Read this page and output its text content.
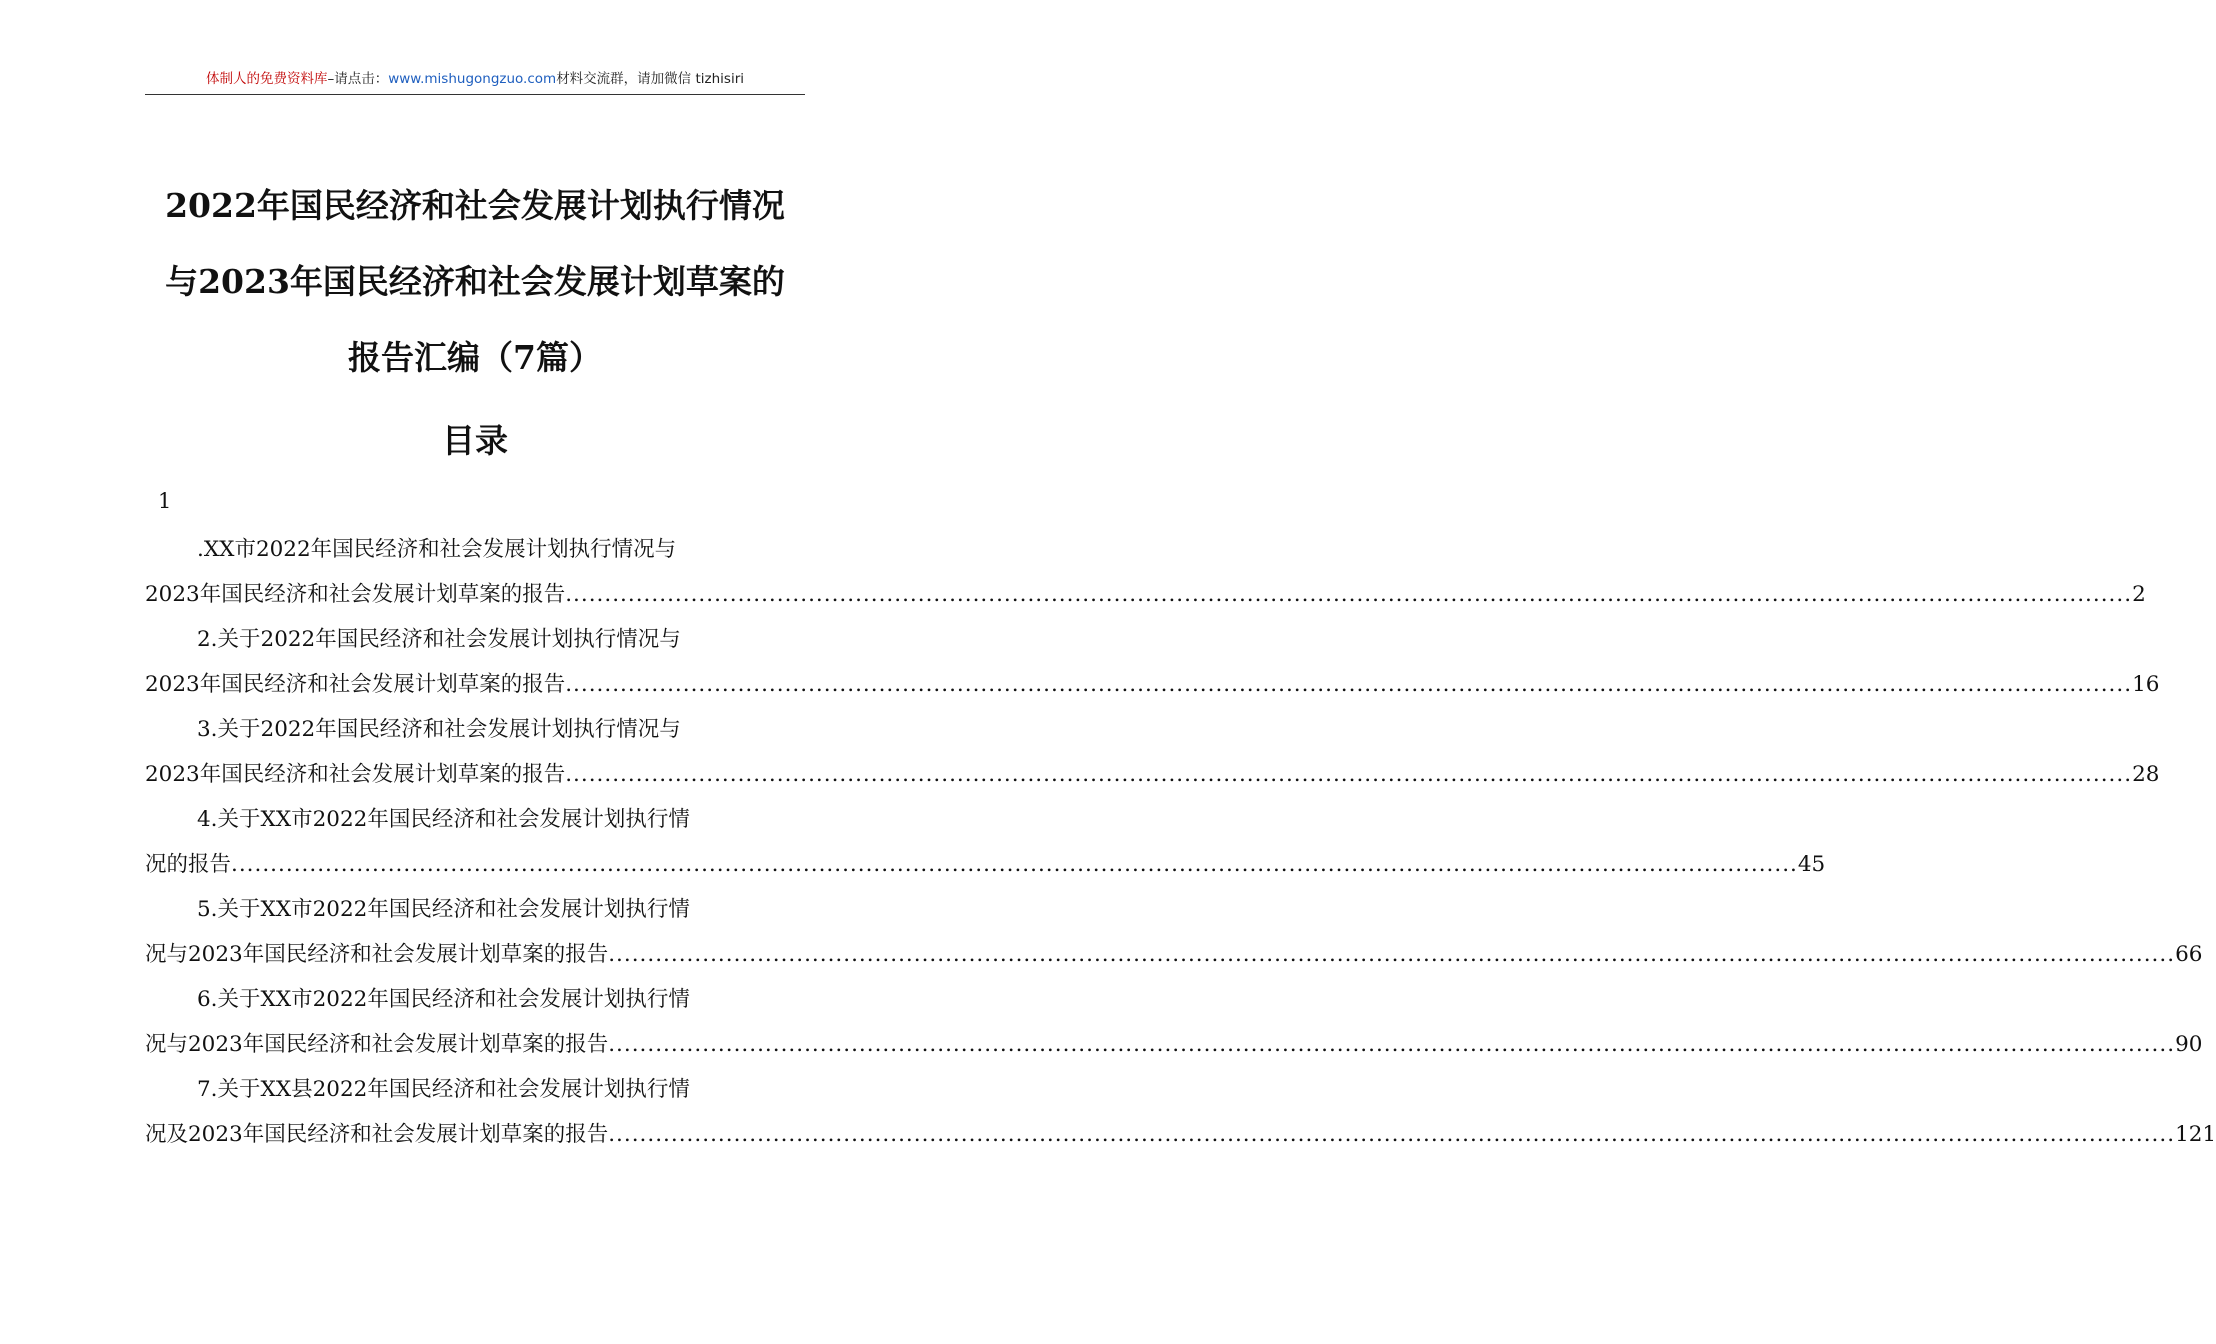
体制人的免费资料库–请点击：www.mishugongzuo.com材料交流群，请加微信 tizhisiri
2022年国民经济和社会发展计划执行情况
与2023年国民经济和社会发展计划草案的
报告汇编（7篇）
目录
1
.XX市2022年国民经济和社会发展计划执行情况与
2023年国民经济和社会发展计划草案的报告 ........................................................................................................................................................................................................ 2
2.关于2022年国民经济和社会发展计划执行情况与
2023年国民经济和社会发展计划草案的报告 ........................................................................................................................................................................................................ 16
3.关于2022年国民经济和社会发展计划执行情况与
2023年国民经济和社会发展计划草案的报告 ........................................................................................................................................................................................................ 28
4.关于XX市2022年国民经济和社会发展计划执行情
况的报告 ........................................................................................................................................................................................................ 45
5.关于XX市2022年国民经济和社会发展计划执行情
况与2023年国民经济和社会发展计划草案的报告 ........................................................................................................................................................................................................ 66
6.关于XX市2022年国民经济和社会发展计划执行情
况与2023年国民经济和社会发展计划草案的报告 ........................................................................................................................................................................................................ 90
7.关于XX县2022年国民经济和社会发展计划执行情
况及2023年国民经济和社会发展计划草案的报告 ........................................................................................................................................................................................................ 121
